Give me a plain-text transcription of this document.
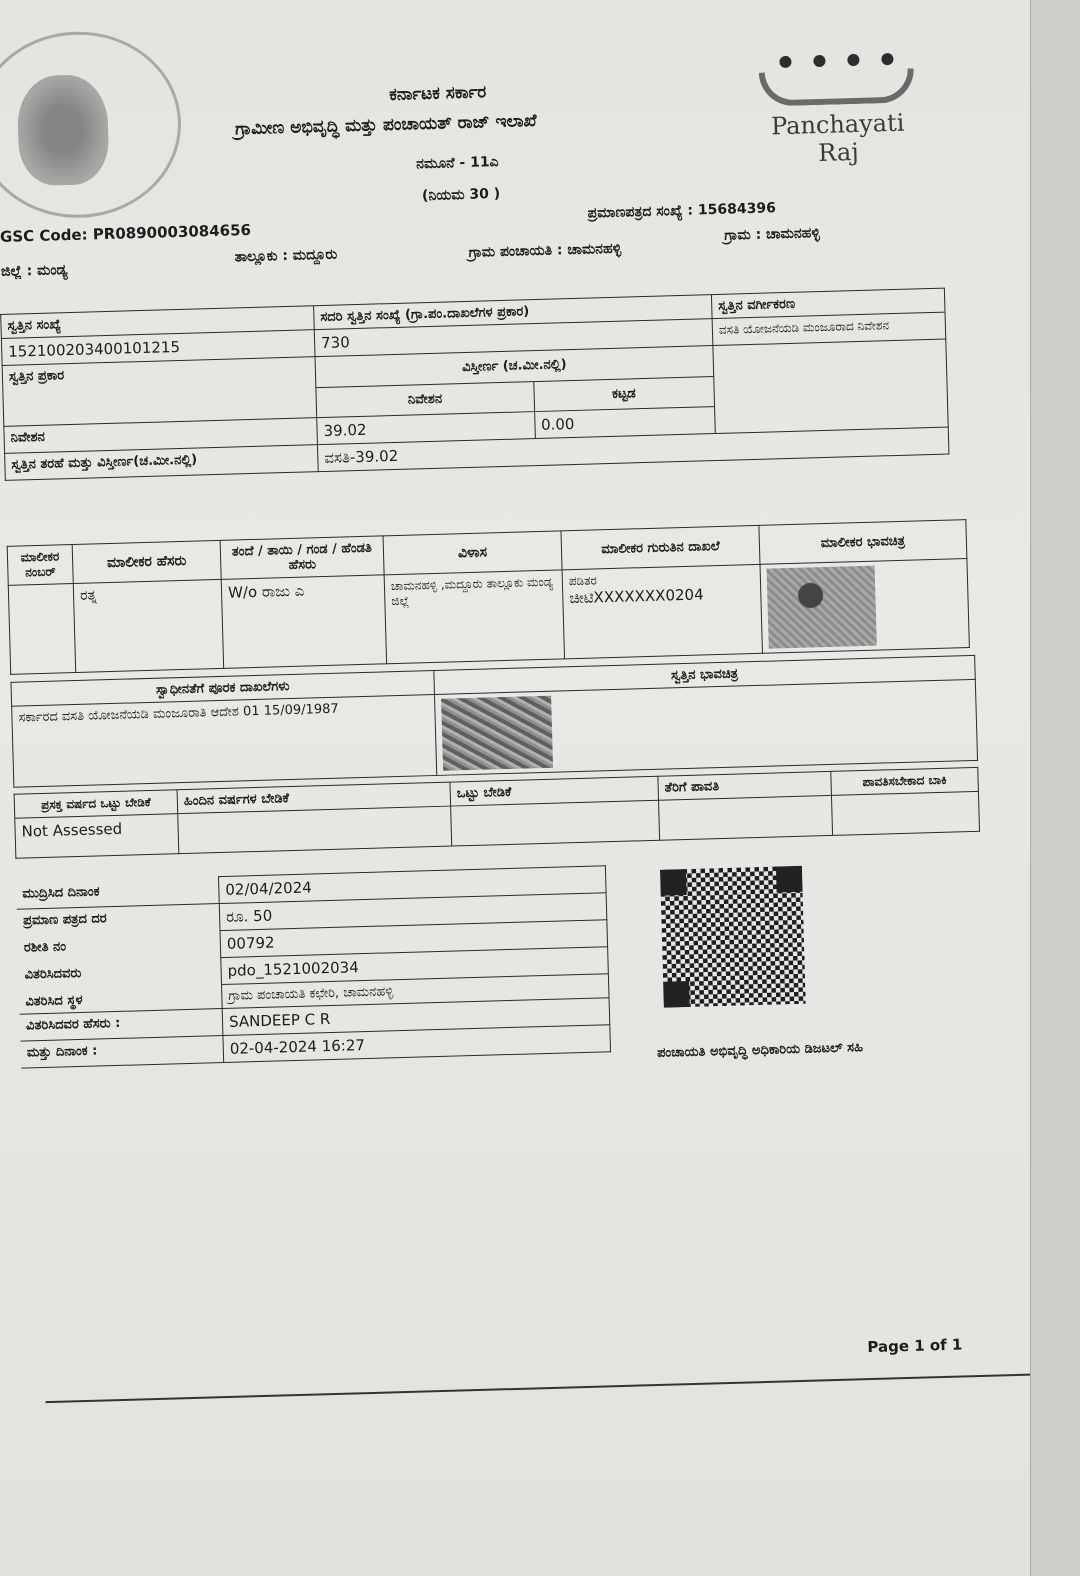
Panchayati Raj
ಕರ್ನಾಟಕ ಸರ್ಕಾರ
ಗ್ರಾಮೀಣ ಅಭಿವೃದ್ಧಿ ಮತ್ತು ಪಂಚಾಯತ್ ರಾಜ್ ಇಲಾಖೆ
ನಮೂನೆ - 11ಎ
(ನಿಯಮ 30 )
GSC Code: PR0890003084656
ಪ್ರಮಾಣಪತ್ರದ ಸಂಖ್ಯೆ : 15684396
ಜಿಲ್ಲೆ : ಮಂಡ್ಯ
ತಾಲ್ಲೂಕು : ಮದ್ದೂರು	ಗ್ರಾಮ ಪಂಚಾಯತಿ : ಚಾಮನಹಳ್ಳಿ
ಗ್ರಾಮ : ಚಾಮನಹಳ್ಳಿ
ಸ್ವತ್ತಿನ ಸಂಖ್ಯೆ	ಸದರಿ ಸ್ವತ್ತಿನ ಸಂಖ್ಯೆ (ಗ್ರಾ.ಪಂ.ದಾಖಲೆಗಳ ಪ್ರಕಾರ)		ಸ್ವತ್ತಿನ ವರ್ಗೀಕರಣ
152100203400101215	730		ವಸತಿ ಯೋಜನೆಯಡಿ ಮಂಜೂರಾದ ನಿವೇಶನ
ಸ್ವತ್ತಿನ ಪ್ರಕಾರ	ವಿಸ್ತೀರ್ಣ (ಚ.ಮೀ.ನಲ್ಲಿ)		
	ನಿವೇಶನ	ಕಟ್ಟಡ	
ನಿವೇಶನ	39.02	0.00	
ಸ್ವತ್ತಿನ ತರಹೆ ಮತ್ತು ವಿಸ್ತೀರ್ಣ(ಚ.ಮೀ.ನಲ್ಲಿ)	ವಸತಿ-39.02		
ಮಾಲೀಕರ ನಂಬರ್	ಮಾಲೀಕರ ಹೆಸರು	ತಂದೆ / ತಾಯಿ / ಗಂಡ / ಹೆಂಡತಿ ಹೆಸರು	ವಿಳಾಸ	ಮಾಲೀಕರ ಗುರುತಿನ ದಾಖಲೆ	ಮಾಲೀಕರ ಭಾವಚಿತ್ರ
	ರತ್ನ	W/o ರಾಜು ಎ	ಚಾಮನಹಳ್ಳಿ ,ಮದ್ದೂರು ತಾಲ್ಲೂಕು ಮಂಡ್ಯ ಜಿಲ್ಲೆ	ಪಡಿತರ
ಚೀಟಿXXXXXXX0204	

ಸ್ವಾಧೀನತೆಗೆ ಪೂರಕ ದಾಖಲೆಗಳು	ಸ್ವತ್ತಿನ ಭಾವಚಿತ್ರ

ಸರ್ಕಾರದ ವಸತಿ ಯೋಜನೆಯಡಿ ಮಂಜೂರಾತಿ ಆದೇಶ 01 15/09/1987	

ಪ್ರಸಕ್ತ ವರ್ಷದ ಒಟ್ಟು ಬೇಡಿಕೆ	ಹಿಂದಿನ ವರ್ಷಗಳ ಬೇಡಿಕೆ	ಒಟ್ಟು ಬೇಡಿಕೆ	ತೆರಿಗೆ ಪಾವತಿ	ಪಾವತಿಸಬೇಕಾದ ಬಾಕಿ
Not Assessed				
ಮುದ್ರಿಸಿದ ದಿನಾಂಕ	02/04/2024
ಪ್ರಮಾಣ ಪತ್ರದ ದರ	ರೂ. 50
ರಶೀತಿ ನಂ	00792
ವಿತರಿಸಿದವರು	pdo_1521002034
ವಿತರಿಸಿದ ಸ್ಥಳ	ಗ್ರಾಮ ಪಂಚಾಯತಿ ಕಛೇರಿ, ಚಾಮನಹಳ್ಳಿ
ವಿತರಿಸಿದವರ ಹೆಸರು :	SANDEEP C R
ಮತ್ತು ದಿನಾಂಕ :	02-04-2024 16:27	ಪಂಚಾಯತಿ ಅಭಿವೃದ್ಧಿ ಅಧಿಕಾರಿಯ ಡಿಜಟಲ್ ಸಹಿ
Page 1 of 1
